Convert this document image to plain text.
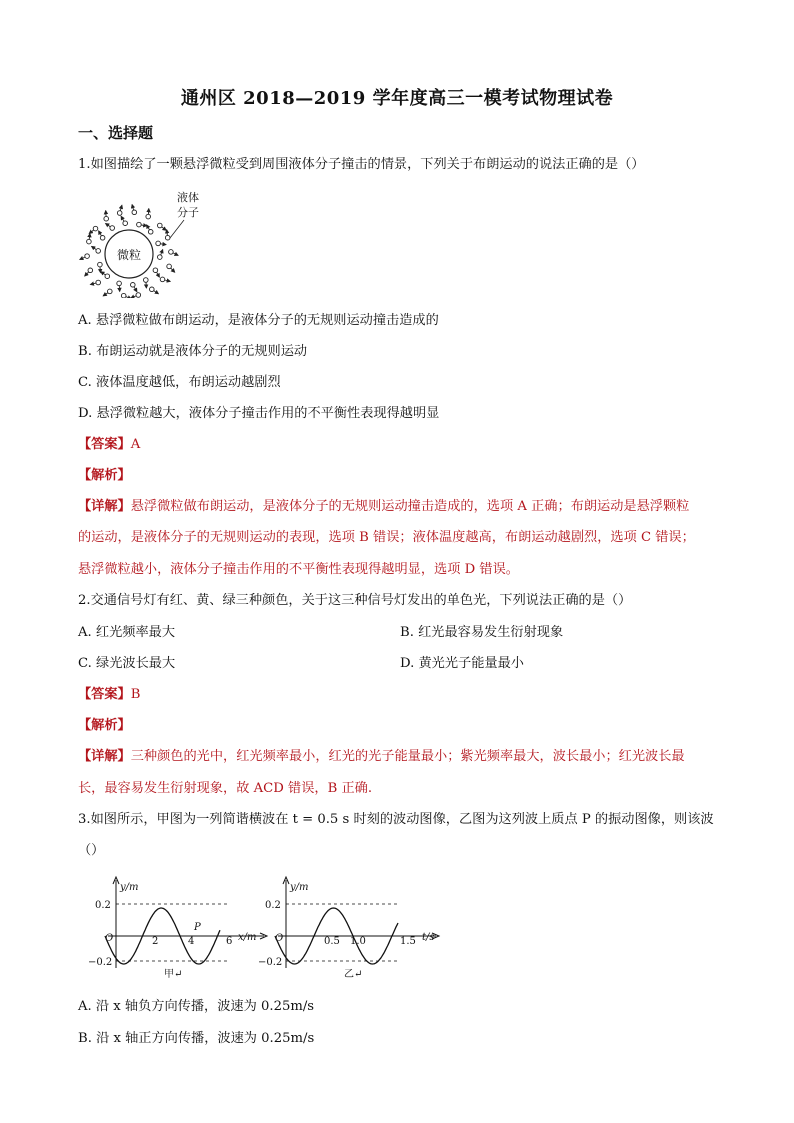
通州区 2018—2019 学年度高三一模考试物理试卷
一、选择题
1.如图描绘了一颗悬浮微粒受到周围液体分子撞击的情景，下列关于布朗运动的说法正确的是（）
微粒
液体
分子
A. 悬浮微粒做布朗运动，是液体分子的无规则运动撞击造成的
B. 布朗运动就是液体分子的无规则运动
C. 液体温度越低，布朗运动越剧烈
D. 悬浮微粒越大，液体分子撞击作用的不平衡性表现得越明显
【答案】A
【解析】
【详解】悬浮微粒做布朗运动，是液体分子的无规则运动撞击造成的，选项 A 正确；布朗运动是悬浮颗粒
的运动，是液体分子的无规则运动的表现，选项 B 错误；液体温度越高，布朗运动越剧烈，选项 C 错误；
悬浮微粒越小，液体分子撞击作用的不平衡性表现得越明显，选项 D 错误。
2.交通信号灯有红、黄、绿三种颜色，关于这三种信号灯发出的单色光，下列说法正确的是（）
A. 红光频率最大	B. 红光最容易发生衍射现象
C. 绿光波长最大	D. 黄光光子能量最小
【答案】B
【解析】
【详解】三种颜色的光中，红光频率最小，红光的光子能量最小；紫光频率最大，波长最小；红光波长最
长，最容易发生衍射现象，故 ACD 错误，B 正确.
3.如图所示，甲图为一列简谐横波在 t = 0.5 s 时刻的波动图像，乙图为这列波上质点 P 的振动图像，则该波
（）
y/m
x/m
O
0.2
−0.2
2	4	6
P
甲↵
y/m
t/s
O
0.2
−0.2
0.5 1.0	1.5
乙↵
A. 沿 x 轴负方向传播，波速为 0.25m/s
B. 沿 x 轴正方向传播，波速为 0.25m/s
